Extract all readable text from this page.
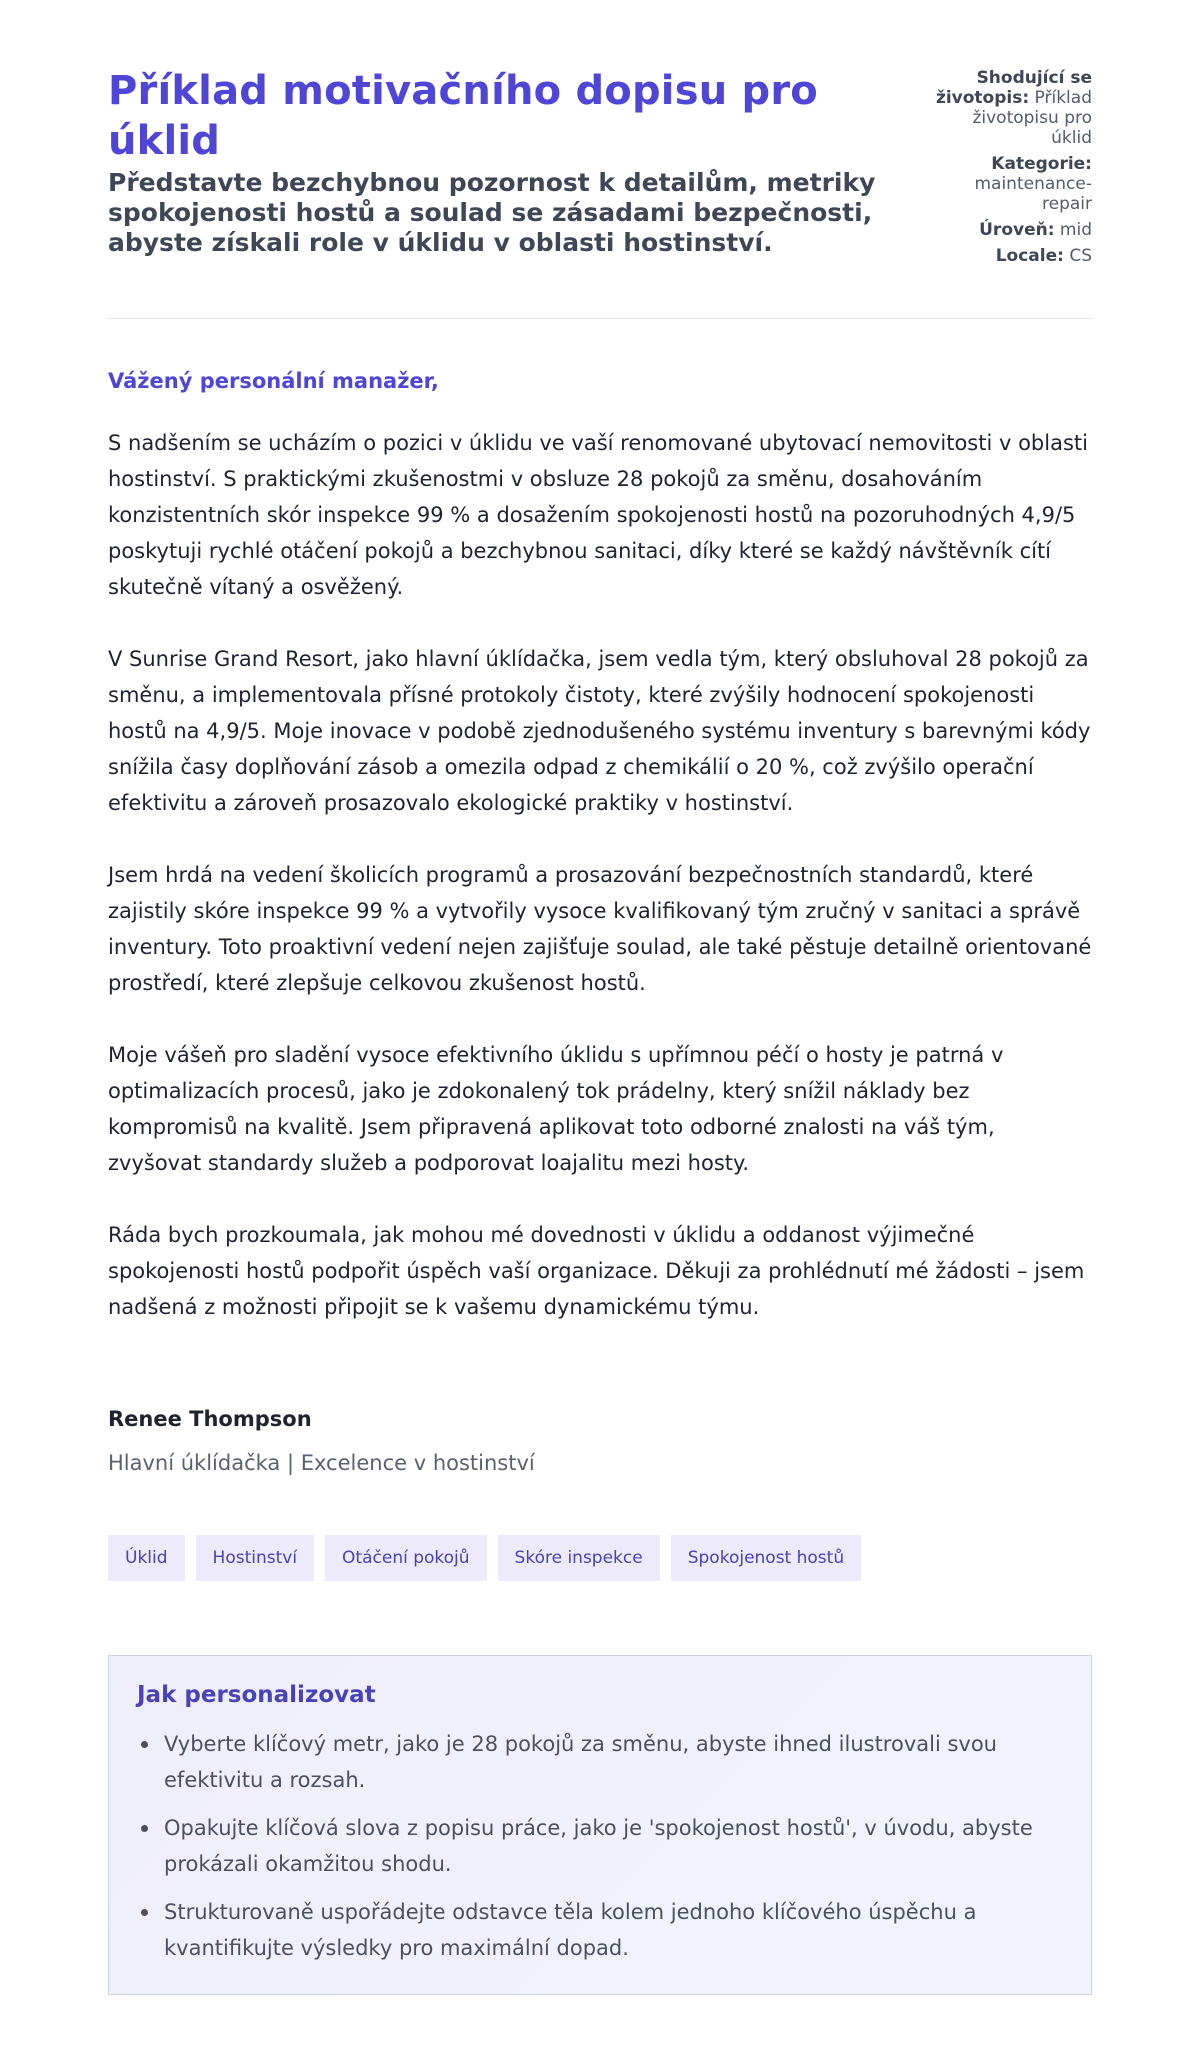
Příklad motivačního dopisu pro úklid
Představte bezchybnou pozornost k detailům, metriky spokojenosti hostů a soulad se zásadami bezpečnosti, abyste získali role v úklidu v oblasti hostinství.
Shodující se životopis: Příklad životopisu pro úklid
Kategorie: maintenance-repair
Úroveň: mid
Locale: CS

Vážený personální manažer,

S nadšením se ucházím o pozici v úklidu ve vaší renomované ubytovací nemovitosti v oblasti hostinství. S praktickými zkušenostmi v obsluze 28 pokojů za směnu, dosahováním konzistentních skór inspekce 99 % a dosažením spokojenosti hostů na pozoruhodných 4,9/5 poskytuji rychlé otáčení pokojů a bezchybnou sanitaci, díky které se každý návštěvník cítí skutečně vítaný a osvěžený.

V Sunrise Grand Resort, jako hlavní úklídačka, jsem vedla tým, který obsluhoval 28 pokojů za směnu, a implementovala přísné protokoly čistoty, které zvýšily hodnocení spokojenosti hostů na 4,9/5. Moje inovace v podobě zjednodušeného systému inventury s barevnými kódy snížila časy doplňování zásob a omezila odpad z chemikálií o 20 %, což zvýšilo operační efektivitu a zároveň prosazovalo ekologické praktiky v hostinství.

Jsem hrdá na vedení školicích programů a prosazování bezpečnostních standardů, které zajistily skóre inspekce 99 % a vytvořily vysoce kvalifikovaný tým zručný v sanitaci a správě inventury. Toto proaktivní vedení nejen zajišťuje soulad, ale také pěstuje detailně orientované prostředí, které zlepšuje celkovou zkušenost hostů.

Moje vášeň pro sladění vysoce efektivního úklidu s upřímnou péčí o hosty je patrná v optimalizacích procesů, jako je zdokonalený tok prádelny, který snížil náklady bez kompromisů na kvalitě. Jsem připravená aplikovat toto odborné znalosti na váš tým, zvyšovat standardy služeb a podporovat loajalitu mezi hosty.

Ráda bych prozkoumala, jak mohou mé dovednosti v úklidu a oddanost výjimečné spokojenosti hostů podpořit úspěch vaší organizace. Děkuji za prohlédnutí mé žádosti – jsem nadšená z možnosti připojit se k vašemu dynamickému týmu.

Renee Thompson
Hlavní úklídačka | Excelence v hostinství
Úklid	Hostinství	Otáčení pokojů	Skóre inspekce	Spokojenost hostů
Jak personalizovat
Vyberte klíčový metr, jako je 28 pokojů za směnu, abyste ihned ilustrovali svou efektivitu a rozsah.
Opakujte klíčová slova z popisu práce, jako je 'spokojenost hostů', v úvodu, abyste prokázali okamžitou shodu.
Strukturovaně uspořádejte odstavce těla kolem jednoho klíčového úspěchu a kvantifikujte výsledky pro maximální dopad.
